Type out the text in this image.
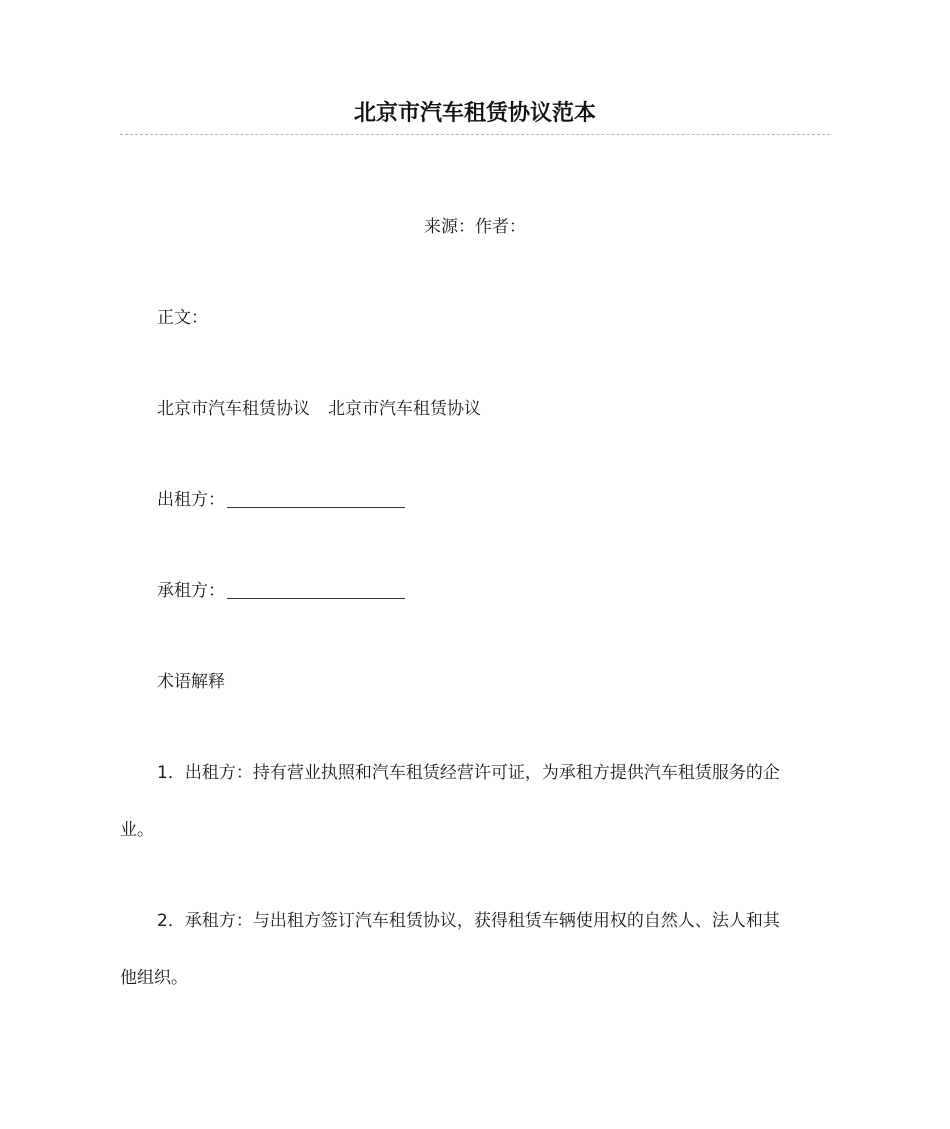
北京市汽车租赁协议范本
来源：作者：
正文：
北京市汽车租赁协议 北京市汽车租赁协议
出租方：
承租方：
术语解释
1．出租方：持有营业执照和汽车租赁经营许可证，为承租方提供汽车租赁服务的企
业。
2．承租方：与出租方签订汽车租赁协议，获得租赁车辆使用权的自然人、法人和其
他组织。
